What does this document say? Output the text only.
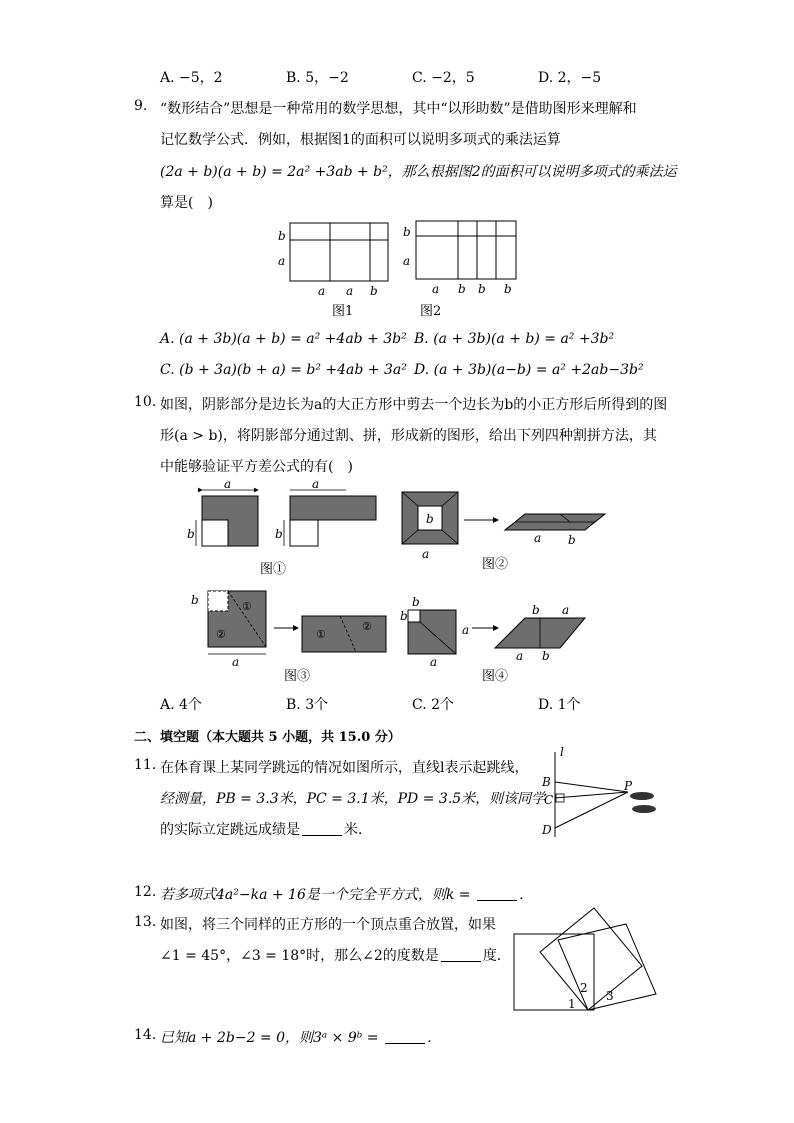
A. −5，2	B. 5，−2	C. −2，5	D. 2，−5
9. “数形结合”思想是一种常用的数学思想，其中“以形助数”是借助图形来理解和
记忆数学公式．例如，根据图1的面积可以说明多项式的乘法运算
(2a + b)(a + b) = 2a² +3ab + b²，那么根据图2的面积可以说明多项式的乘法运
算是(　)
b
a
a a b
图1
b
a
a b b b
图2
A. (a + 3b)(a + b) = a² +4ab + 3b² B. (a + 3b)(a + b) = a² +3b²
C. (b + 3a)(b + a) = b² +4ab + 3a² D. (a + 3b)(a−b) = a² +2ab−3b²
10. 如图，阴影部分是边长为a的大正方形中剪去一个边长为b的小正方形后所得到的图
形(a > b)，将阴影部分通过割、拼，形成新的图形，给出下列四种割拼方法，其
中能够验证平方差公式的有(　)
a
b
a
b
图①
b
a
a b
图②
b	①
②
a
①
②
图③
b
b
a
a
b a
a b
图④
A. 4个	B. 3个	C. 2个	D. 1个
二、填空题（本大题共 5 小题，共 15.0 分）
11. 在体育课上某同学跳远的情况如图所示，直线l表示起跳线，
经测量，PB = 3.3米，PC = 3.1米，PD = 3.5米，则该同学
的实际立定跳远成绩是	米．
l
B
C
D
P
12. 若多项式4a²−ka + 16是一个完全平方式，则k =	．
13. 如图，将三个同样的正方形的一个顶点重合放置，如果
∠1 = 45°，∠3 = 18°时，那么∠2的度数是	度．
1
2
3
14. 已知a + 2b−2 = 0，则3ᵃ × 9ᵇ =	．
